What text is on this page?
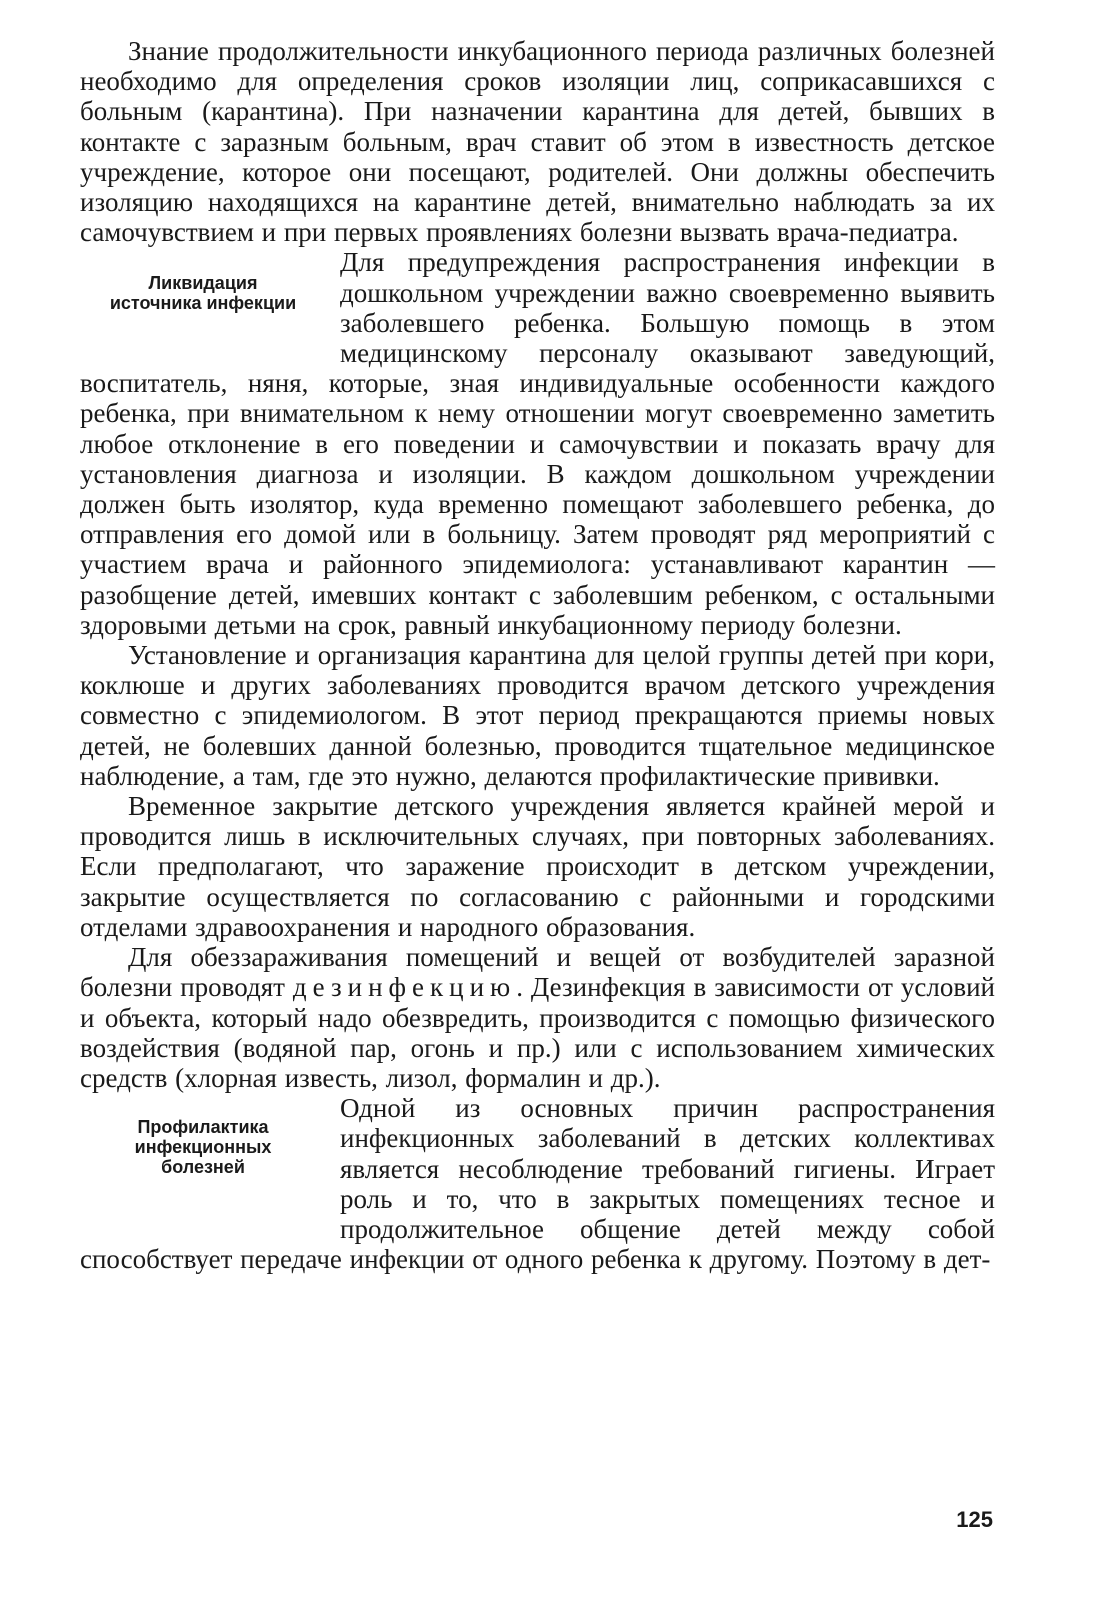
Знание продолжительности инкубационного периода различных болезней необходимо для определения сроков изоляции лиц, соприкасавшихся с больным (карантина). При назначении карантина для детей, бывших в контакте с заразным больным, врач ставит об этом в известность детское учреждение, которое они посещают, родителей. Они должны обеспечить изоляцию находящихся на карантине детей, внимательно наблюдать за их самочувствием и при первых проявлениях болезни вызвать врача-педиатра.

Ликвидация
источника инфекции

Для предупреждения распространения инфекции в дошкольном учреждении важно своевременно выявить заболевшего ребенка. Большую помощь в этом медицинскому персоналу оказывают заведующий, воспитатель, няня, которые, зная индивидуальные особенности каждого ребенка, при внимательном к нему отношении могут своевременно заметить любое отклонение в его поведении и самочувствии и показать врачу для установления диагноза и изоляции. В каждом дошкольном учреждении должен быть изолятор, куда временно помещают заболевшего ребенка, до отправления его домой или в больницу. Затем проводят ряд мероприятий с участием врача и районного эпидемиолога: устанавливают карантин — разобщение детей, имевших контакт с заболевшим ребенком, с остальными здоровыми детьми на срок, равный инкубационному периоду болезни.

Установление и организация карантина для целой группы детей при кори, коклюше и других заболеваниях проводится врачом детского учреждения совместно с эпидемиологом. В этот период прекращаются приемы новых детей, не болевших данной болезнью, проводится тщательное медицинское наблюдение, а там, где это нужно, делаются профилактические прививки.

Временное закрытие детского учреждения является крайней мерой и проводится лишь в исключительных случаях, при повторных заболеваниях. Если предполагают, что заражение происходит в детском учреждении, закрытие осуществляется по согласованию с районными и городскими отделами здравоохранения и народного образования.

Для обеззараживания помещений и вещей от возбудителей заразной болезни проводят дезинфекцию. Дезинфекция в зависимости от условий и объекта, который надо обезвредить, производится с помощью физического воздействия (водяной пар, огонь и пр.) или с использованием химических средств (хлорная известь, лизол, формалин и др.).

Профилактика
инфекционных
болезней

Одной из основных причин распространения инфекционных заболеваний в детских коллективах является несоблюдение требований гигиены. Играет роль и то, что в закрытых помещениях тесное и продолжительное общение детей между собой способствует передаче инфекции от одного ребенка к другому. Поэтому в дет-

125
